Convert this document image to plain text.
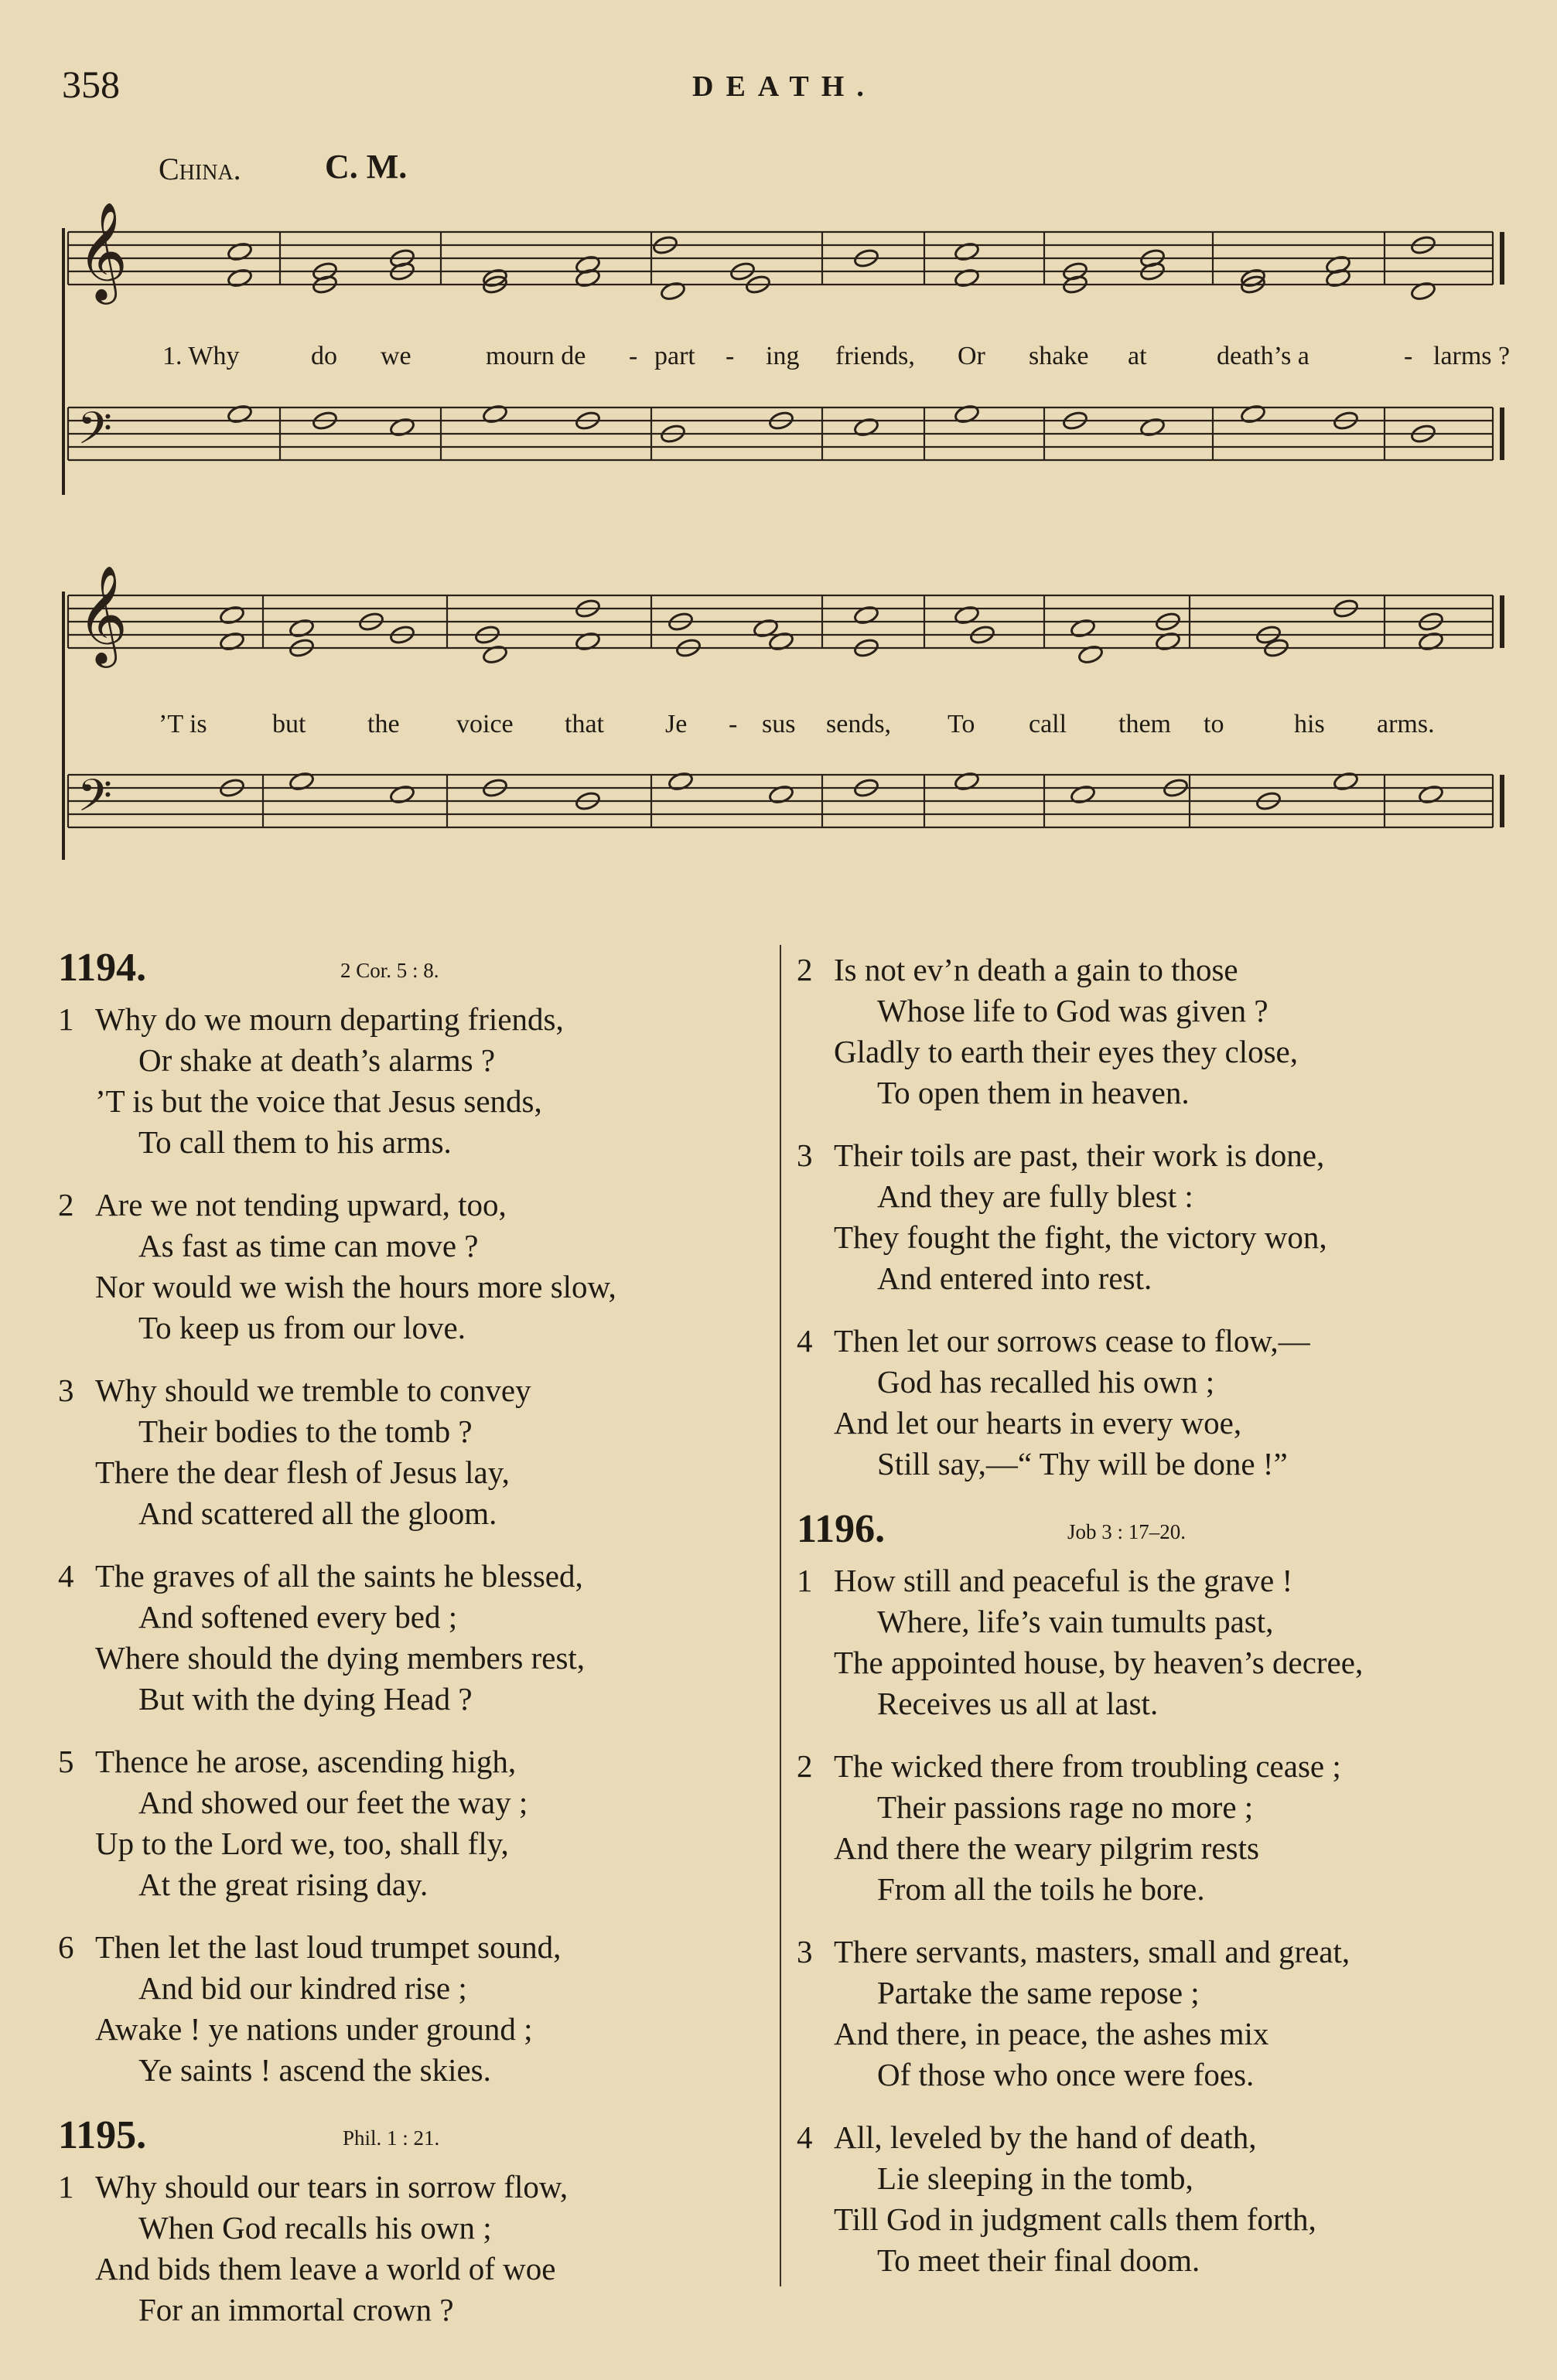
358	DEATH.
China. C. M.
𝄞
𝄢
𝄞
𝄢
1. Why	do we	mourn de - part - ing friends, Or shake at	death’s a	- larms ?
’T is but the voice that Je - sus sends, To call them to	his arms.
1194.	2 Cor. 5 : 8.
1 Why do we mourn departing friends,
Or shake at death’s alarms ?
’T is but the voice that Jesus sends,
To call them to his arms.
2 Are we not tending upward, too,
As fast as time can move ?
Nor would we wish the hours more slow,
To keep us from our love.
3 Why should we tremble to convey
Their bodies to the tomb ?
There the dear flesh of Jesus lay,
And scattered all the gloom.
4 The graves of all the saints he blessed,
And softened every bed ;
Where should the dying members rest,
But with the dying Head ?
5 Thence he arose, ascending high,
And showed our feet the way ;
Up to the Lord we, too, shall fly,
At the great rising day.
6 Then let the last loud trumpet sound,
And bid our kindred rise ;
Awake ! ye nations under ground ;
Ye saints ! ascend the skies.
1195.	Phil. 1 : 21.
1 Why should our tears in sorrow flow,
When God recalls his own ;
And bids them leave a world of woe
For an immortal crown ?
2 Is not ev’n death a gain to those
Whose life to God was given ?
Gladly to earth their eyes they close,
To open them in heaven.
3 Their toils are past, their work is done,
And they are fully blest :
They fought the fight, the victory won,
And entered into rest.
4 Then let our sorrows cease to flow,—
God has recalled his own ;
And let our hearts in every woe,
Still say,—“ Thy will be done !”
1196.	Job 3 : 17–20.
1 How still and peaceful is the grave !
Where, life’s vain tumults past,
The appointed house, by heaven’s decree,
Receives us all at last.
2 The wicked there from troubling cease ;
Their passions rage no more ;
And there the weary pilgrim rests
From all the toils he bore.
3 There servants, masters, small and great,
Partake the same repose ;
And there, in peace, the ashes mix
Of those who once were foes.
4 All, leveled by the hand of death,
Lie sleeping in the tomb,
Till God in judgment calls them forth,
To meet their final doom.
